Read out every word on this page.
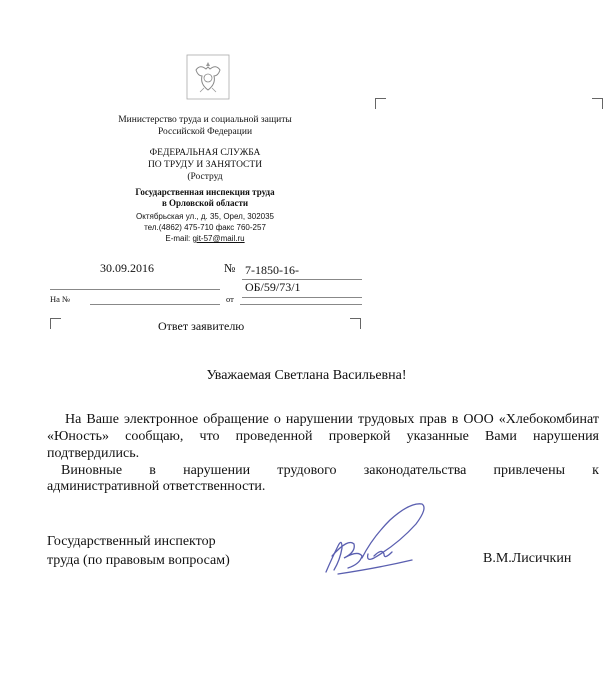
Министерство труда и социальной защиты
Российской Федерации
ФЕДЕРАЛЬНАЯ СЛУЖБА
ПО ТРУДУ И ЗАНЯТОСТИ
(Роструд
Государственная инспекция труда
в Орловской области
Октябрьская ул., д. 35, Орел, 302035
тел.(4862) 475-710 факс 760-257
E-mail: git-57@mail.ru
30.09.2016	№ 7-1850-16-
ОБ/59/73/1
На №	от
Ответ заявителю
Уважаемая Светлана Васильевна!
На Ваше электронное обращение о нарушении трудовых прав в ООО «Хлебокомбинат «Юность» сообщаю, что проведенной проверкой указанные Вами нарушения подтвердились.
Виновные в нарушении трудового законодательства привлечены к
административной ответственности.
Государственный инспектор
труда (по правовым вопросам)	В.М.Лисичкин
